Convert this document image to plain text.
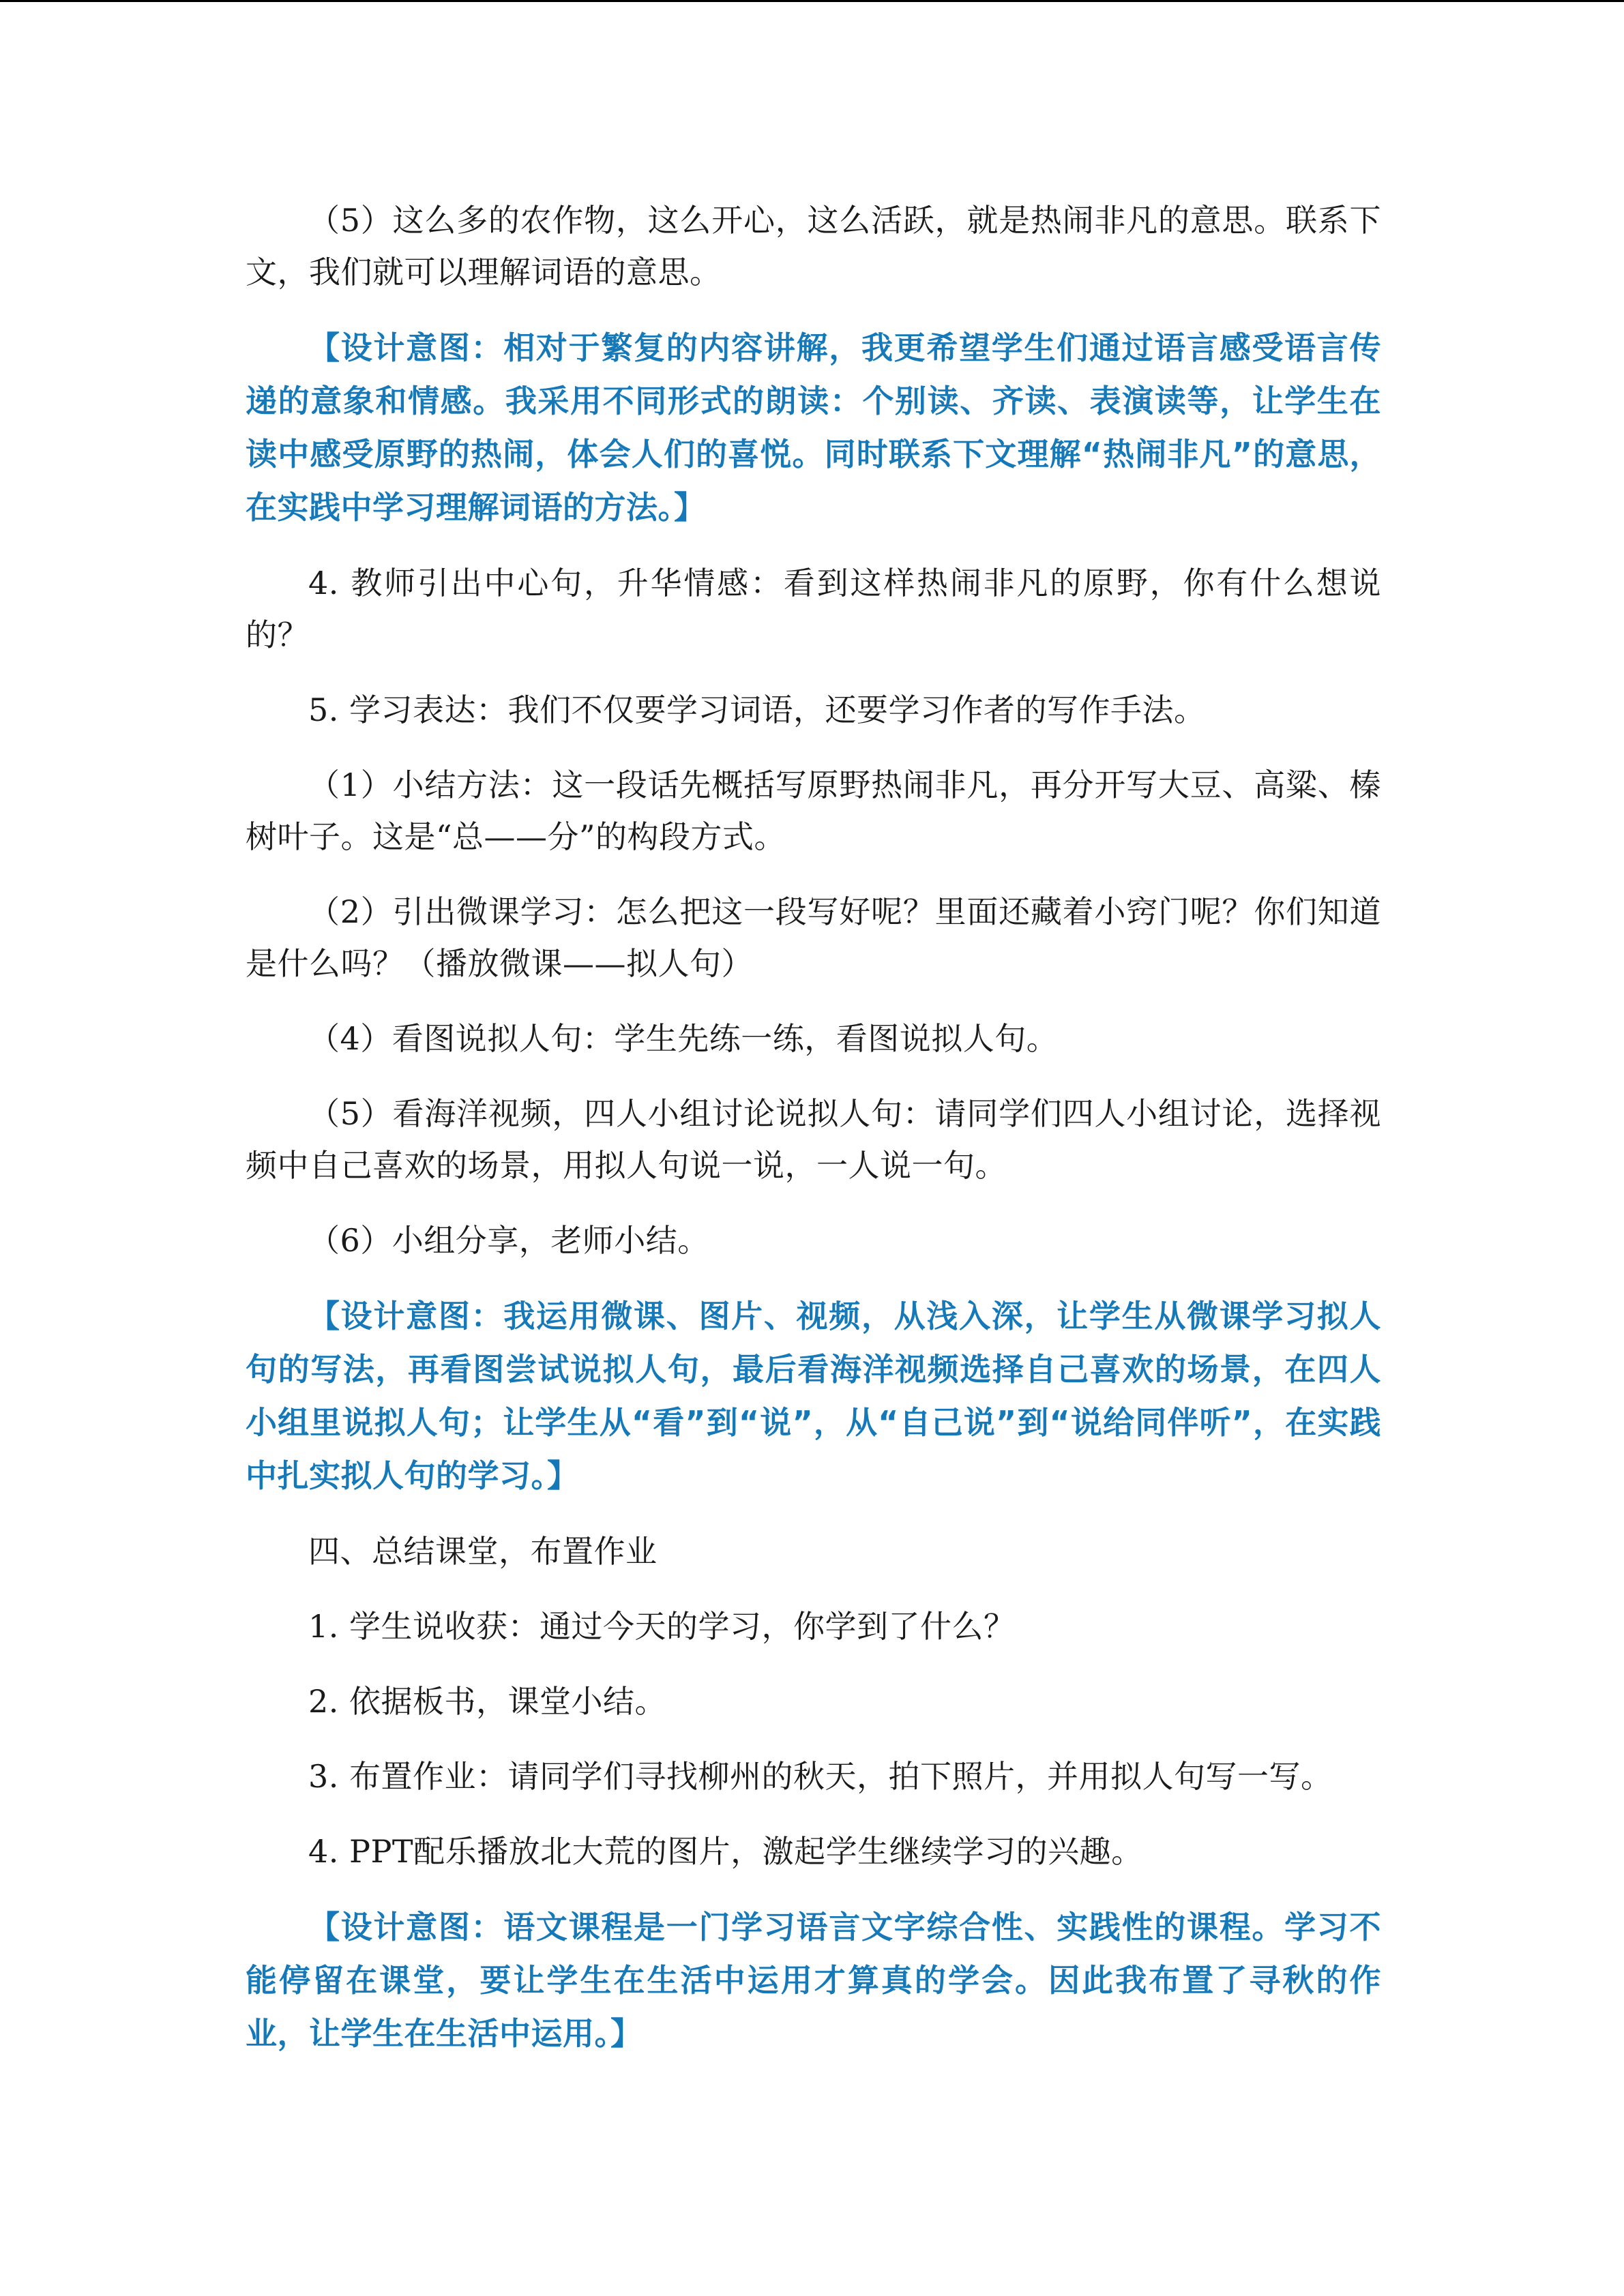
（5）这么多的农作物，这么开心，这么活跃，就是热闹非凡的意思。联系下文，我们就可以理解词语的意思。

【设计意图：相对于繁复的内容讲解，我更希望学生们通过语言感受语言传递的意象和情感。我采用不同形式的朗读：个别读、齐读、表演读等，让学生在读中感受原野的热闹，体会人们的喜悦。同时联系下文理解“热闹非凡”的意思，在实践中学习理解词语的方法。】

4. 教师引出中心句，升华情感：看到这样热闹非凡的原野，你有什么想说的？

5. 学习表达：我们不仅要学习词语，还要学习作者的写作手法。

（1）小结方法：这一段话先概括写原野热闹非凡，再分开写大豆、高粱、榛树叶子。这是“总——分”的构段方式。

（2）引出微课学习：怎么把这一段写好呢？里面还藏着小窍门呢？你们知道是什么吗？（播放微课——拟人句）

（4）看图说拟人句：学生先练一练，看图说拟人句。

（5）看海洋视频，四人小组讨论说拟人句：请同学们四人小组讨论，选择视频中自己喜欢的场景，用拟人句说一说，一人说一句。

（6）小组分享，老师小结。

【设计意图：我运用微课、图片、视频，从浅入深，让学生从微课学习拟人句的写法，再看图尝试说拟人句，最后看海洋视频选择自己喜欢的场景，在四人小组里说拟人句；让学生从“看”到“说”，从“自己说”到“说给同伴听”，在实践中扎实拟人句的学习。】

四、总结课堂，布置作业

1. 学生说收获：通过今天的学习，你学到了什么？

2. 依据板书，课堂小结。

3. 布置作业：请同学们寻找柳州的秋天，拍下照片，并用拟人句写一写。

4. PPT配乐播放北大荒的图片，激起学生继续学习的兴趣。

【设计意图：语文课程是一门学习语言文字综合性、实践性的课程。学习不能停留在课堂，要让学生在生活中运用才算真的学会。因此我布置了寻秋的作业，让学生在生活中运用。】
